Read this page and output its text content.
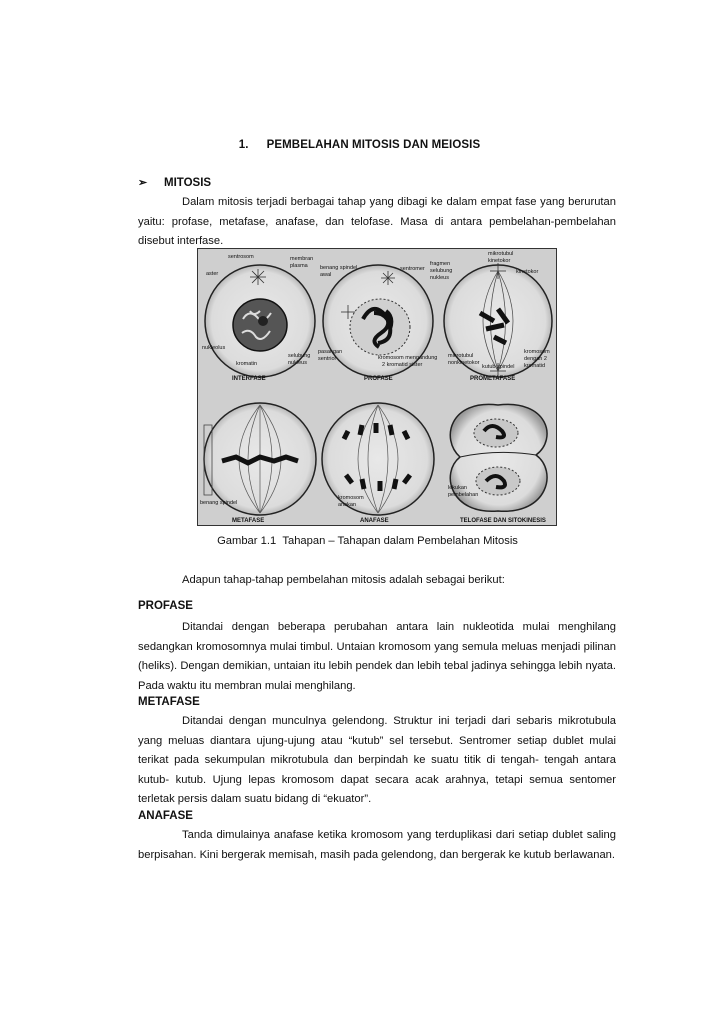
1. PEMBELAHAN MITOSIS DAN MEIOSIS
➢ MITOSIS
Dalam mitosis terjadi berbagai tahap yang dibagi ke dalam empat fase yang berurutan yaitu: profase, metafase, anafase, dan telofase. Masa di antara pembelahan-pembelahan disebut interfase.
sentrosom	membran
plasma
aster
nukleolus
kromatin
selubung
nukleus
benang spindel
awal
sentromer
pasangan
sentriol	kromosom mengandung
2 kromatid sister
fragmen
selubung
nukleus
mikrotubul
kinetokor
kinetokor
mikrotubul
nonkinetokor
kromosom
dengan 2
kromatid
kutub spindel
benang spindel
kromosom
anakan
lekukan
pembelahan
INTERFASE	PROFASE	PROMETAFASE
METAFASE	ANAFASE	TELOFASE DAN SITOKINESIS
Gambar 1.1 Tahapan – Tahapan dalam Pembelahan Mitosis
Adapun tahap-tahap pembelahan mitosis adalah sebagai berikut:
PROFASE
Ditandai dengan beberapa perubahan antara lain nukleotida mulai menghilang sedangkan kromosomnya mulai timbul. Untaian kromosom yang semula meluas menjadi pilinan (heliks). Dengan demikian, untaian itu lebih pendek dan lebih tebal jadinya sehingga lebih nyata. Pada waktu itu membran mulai menghilang.
METAFASE
Ditandai dengan munculnya gelendong. Struktur ini terjadi dari sebaris mikrotubula yang meluas diantara ujung-ujung atau “kutub” sel tersebut. Sentromer setiap dublet mulai terikat pada sekumpulan mikrotubula dan berpindah ke suatu titik di tengah- tengah antara kutub- kutub. Ujung lepas kromosom dapat secara acak arahnya, tetapi semua sentomer terletak persis dalam suatu bidang di “ekuator”.
ANAFASE
Tanda dimulainya anafase ketika kromosom yang terduplikasi dari setiap dublet saling berpisahan. Kini bergerak memisah, masih pada gelendong, dan bergerak ke kutub berlawanan.
